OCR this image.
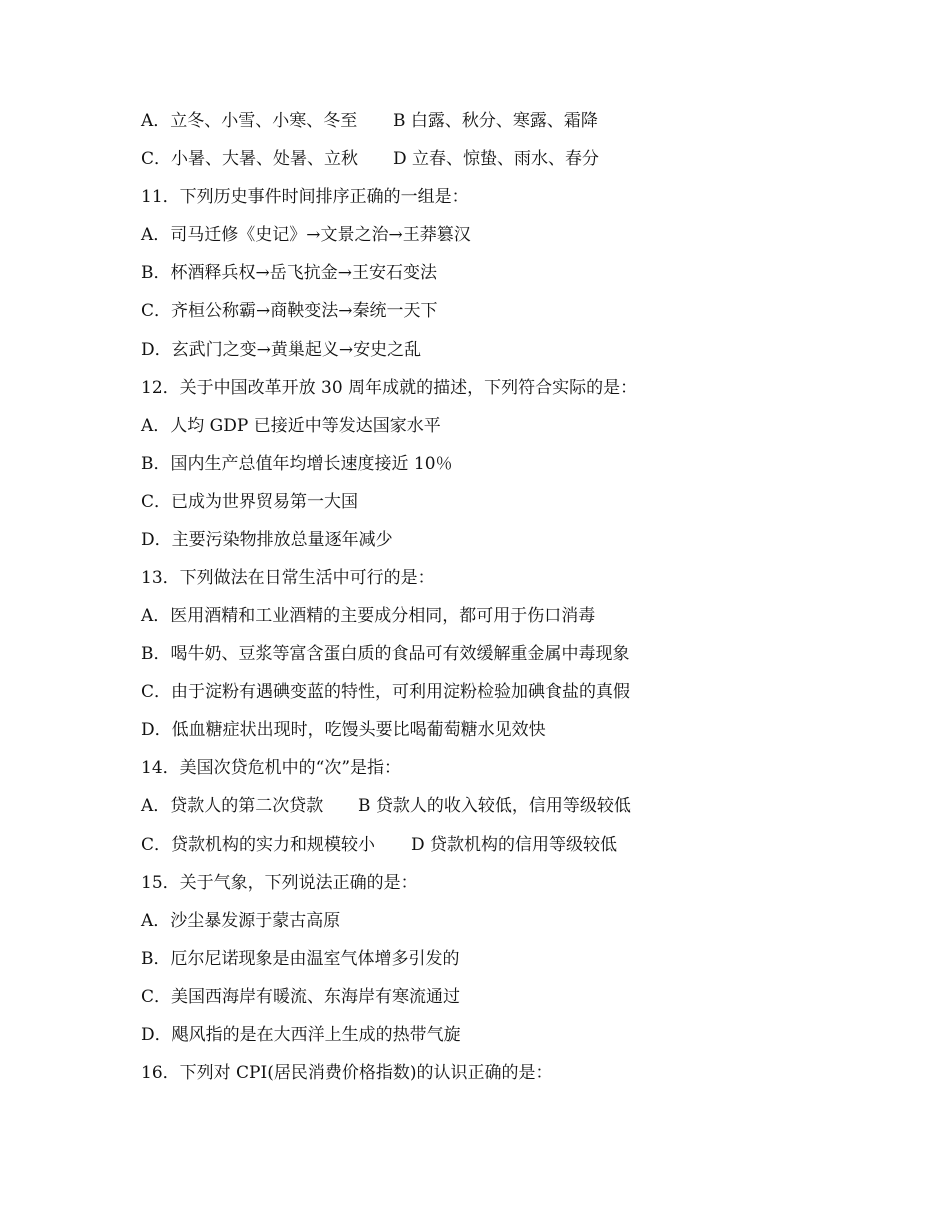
A．立冬、小雪、小寒、冬至 B 白露、秋分、寒露、霜降
C．小暑、大暑、处暑、立秋 D 立春、惊蛰、雨水、春分
11．下列历史事件时间排序正确的一组是：
A．司马迁修《史记》→文景之治→王莽篡汉
B．杯酒释兵权→岳飞抗金→王安石变法
C．齐桓公称霸→商鞅变法→秦统一天下
D．玄武门之变→黄巢起义→安史之乱
12．关于中国改革开放 30 周年成就的描述，下列符合实际的是：
A．人均 GDP 已接近中等发达国家水平
B．国内生产总值年均增长速度接近 10％
C．已成为世界贸易第一大国
D．主要污染物排放总量逐年减少
13．下列做法在日常生活中可行的是：
A．医用酒精和工业酒精的主要成分相同，都可用于伤口消毒
B．喝牛奶、豆浆等富含蛋白质的食品可有效缓解重金属中毒现象
C．由于淀粉有遇碘变蓝的特性，可利用淀粉检验加碘食盐的真假
D．低血糖症状出现时，吃馒头要比喝葡萄糖水见效快
14．美国次贷危机中的“次”是指：
A．贷款人的第二次贷款 B 贷款人的收入较低，信用等级较低
C．贷款机构的实力和规模较小 D 贷款机构的信用等级较低
15．关于气象，下列说法正确的是：
A．沙尘暴发源于蒙古高原
B．厄尔尼诺现象是由温室气体增多引发的
C．美国西海岸有暖流、东海岸有寒流通过
D．飓风指的是在大西洋上生成的热带气旋
16．下列对 CPI(居民消费价格指数)的认识正确的是：
